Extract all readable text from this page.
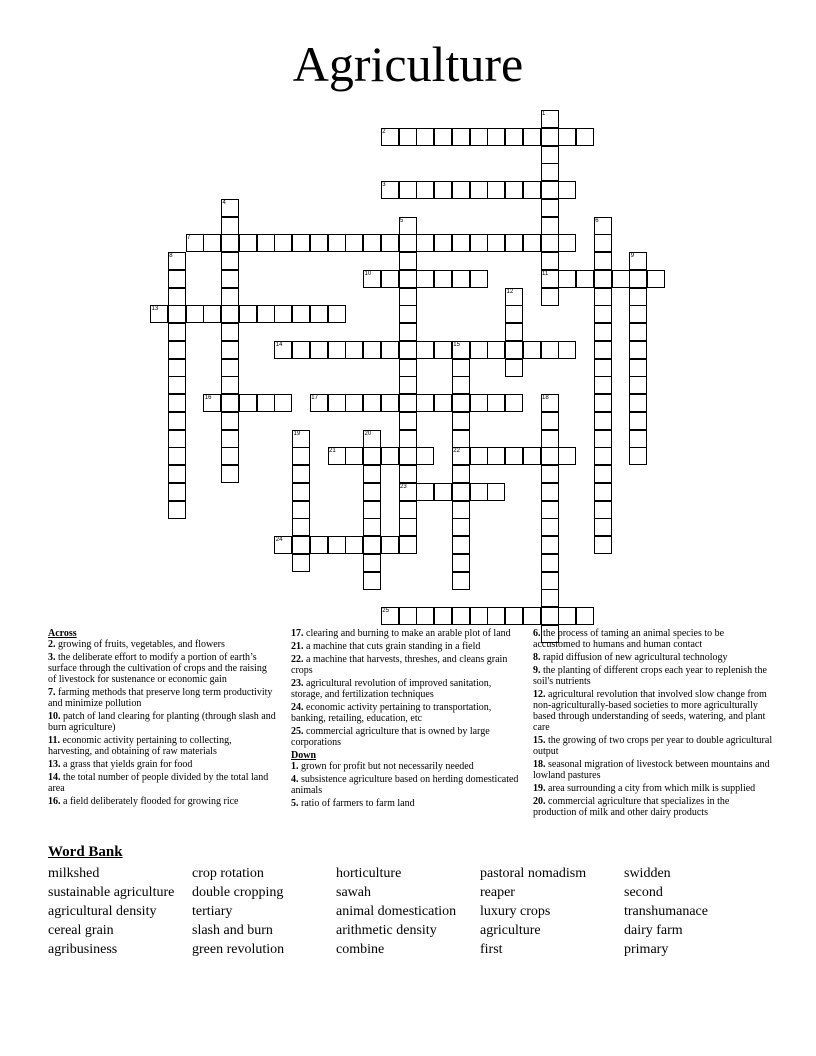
Agriculture
1
2
3
4
5	6
7
8	9
10	11
12
13
14	15
16	17	18
19	20
21	22
23
24
25
Across
2. growing of fruits, vegetables, and flowers
3. the deliberate effort to modify a portion of earth’s surface through the cultivation of crops and the raising of livestock for sustenance or economic gain
7. farming methods that preserve long term productivity and minimize pollution
10. patch of land clearing for planting (through slash and burn agriculture)
11. economic activity pertaining to collecting, harvesting, and obtaining of raw materials
13. a grass that yields grain for food
14. the total number of people divided by the total land area
16. a field deliberately flooded for growing rice
17. clearing and burning to make an arable plot of land
21. a machine that cuts grain standing in a field
22. a machine that harvests, threshes, and cleans grain crops
23. agricultural revolution of improved sanitation, storage, and fertilization techniques
24. economic activity pertaining to transportation, banking, retailing, education, etc
25. commercial agriculture that is owned by large corporations
Down
1. grown for profit but not necessarily needed
4. subsistence agriculture based on herding domesticated animals
5. ratio of farmers to farm land
6. the process of taming an animal species to be accustomed to humans and human contact
8. rapid diffusion of new agricultural technology
9. the planting of different crops each year to replenish the soil's nutrients
12. agricultural revolution that involved slow change from non-agriculturally-based societies to more agriculturally based through understanding of seeds, watering, and plant care
15. the growing of two crops per year to double agricultural output
18. seasonal migration of livestock between mountains and lowland pastures
19. area surrounding a city from which milk is supplied
20. commercial agriculture that specializes in the production of milk and other dairy products
Word Bank
milkshed
sustainable agriculture
agricultural density
cereal grain
agribusiness
crop rotation
double cropping
tertiary
slash and burn
green revolution
horticulture
sawah
animal domestication
arithmetic density
combine
pastoral nomadism
reaper
luxury crops
agriculture
first
swidden
second
transhumanace
dairy farm
primary
